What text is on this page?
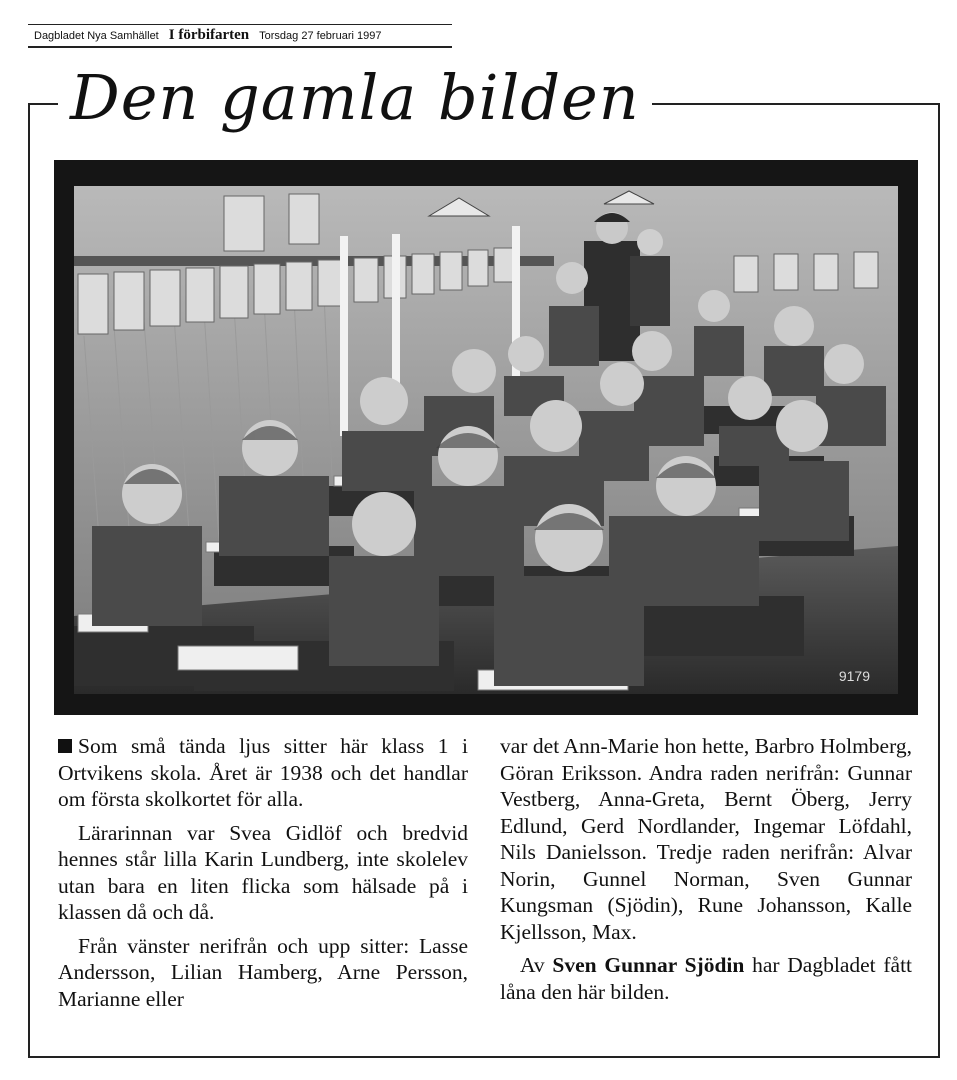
Dagbladet Nya Samhället I förbifarten Torsdag 27 februari 1997
Den gamla bilden
9179

Som små tända ljus sitter här klass 1 i Ortvikens skola. Året är 1938 och det handlar om första skolkortet för alla.

Lärarinnan var Svea Gidlöf och bredvid hennes står lilla Karin Lundberg, inte skolelev utan bara en liten flicka som hälsade på i klassen då och då.

Från vänster nerifrån och upp sitter: Lasse Andersson, Lilian Hamberg, Arne Persson, Marianne eller

var det Ann-Marie hon hette, Barbro Holmberg, Göran Eriksson. Andra raden nerifrån: Gunnar Vestberg, Anna-Greta, Bernt Öberg, Jerry Edlund, Gerd Nordlander, Ingemar Löfdahl, Nils Danielsson. Tredje raden nerifrån: Alvar Norin, Gunnel Norman, Sven Gunnar Kungsman (Sjödin), Rune Johansson, Kalle Kjellsson, Max.

Av Sven Gunnar Sjödin har Dagbladet fått låna den här bilden.
